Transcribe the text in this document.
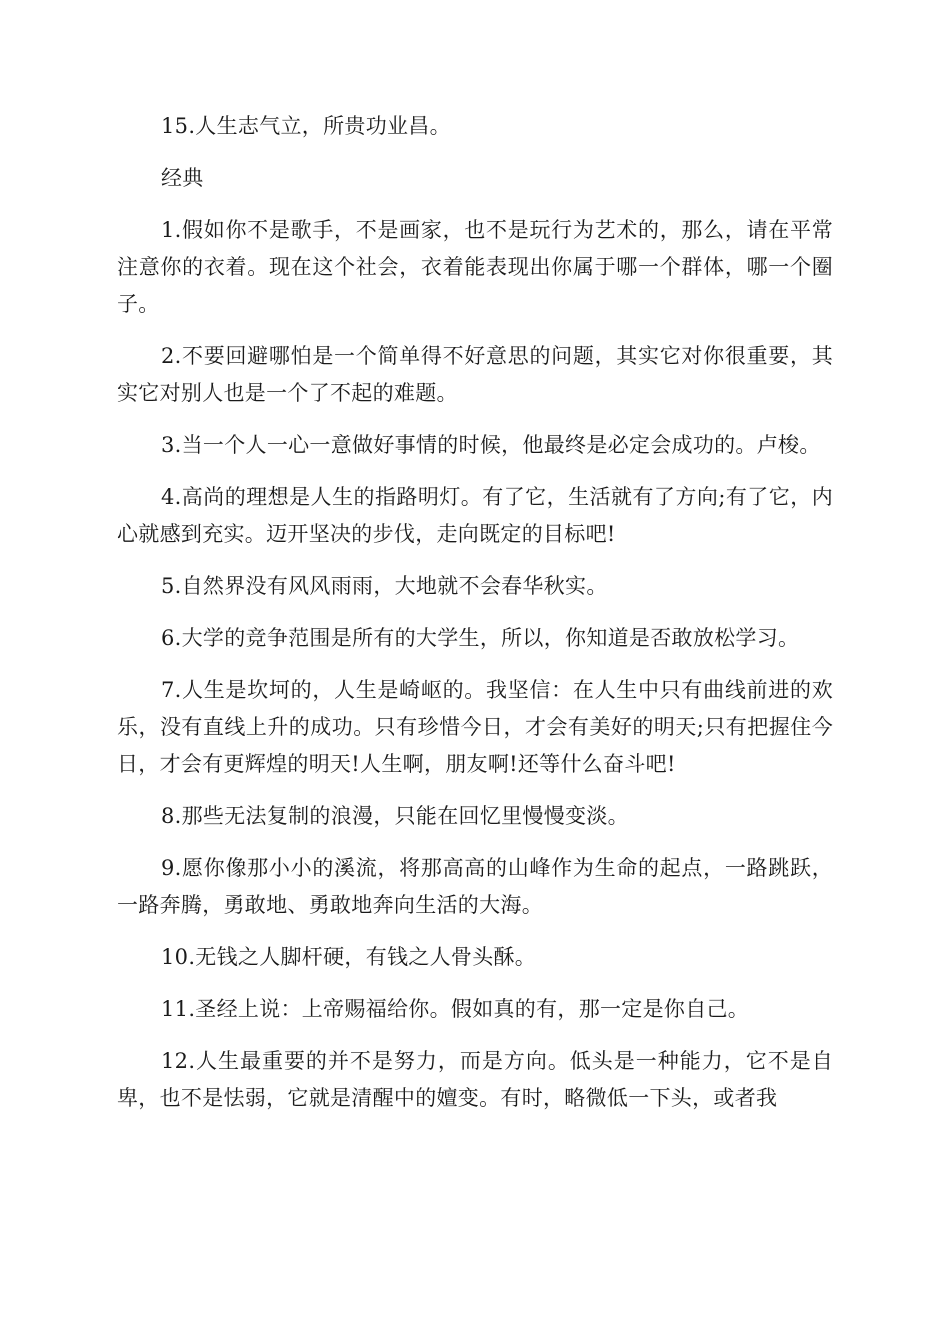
15.人生志气立，所贵功业昌。

经典

1.假如你不是歌手，不是画家，也不是玩行为艺术的，那么，请在平常注意你的衣着。现在这个社会，衣着能表现出你属于哪一个群体，哪一个圈子。

2.不要回避哪怕是一个简单得不好意思的问题，其实它对你很重要，其实它对别人也是一个了不起的难题。

3.当一个人一心一意做好事情的时候，他最终是必定会成功的。卢梭。

4.高尚的理想是人生的指路明灯。有了它，生活就有了方向;有了它，内心就感到充实。迈开坚决的步伐，走向既定的目标吧!

5.自然界没有风风雨雨，大地就不会春华秋实。

6.大学的竞争范围是所有的大学生，所以，你知道是否敢放松学习。

7.人生是坎坷的，人生是崎岖的。我坚信：在人生中只有曲线前进的欢乐，没有直线上升的成功。只有珍惜今日，才会有美好的明天;只有把握住今日，才会有更辉煌的明天!人生啊，朋友啊!还等什么奋斗吧!

8.那些无法复制的浪漫，只能在回忆里慢慢变淡。

9.愿你像那小小的溪流，将那高高的山峰作为生命的起点，一路跳跃，一路奔腾，勇敢地、勇敢地奔向生活的大海。

10.无钱之人脚杆硬，有钱之人骨头酥。

11.圣经上说：上帝赐福给你。假如真的有，那一定是你自己。

12.人生最重要的并不是努力，而是方向。低头是一种能力，它不是自卑，也不是怯弱，它就是清醒中的嬗变。有时，略微低一下头，或者我
